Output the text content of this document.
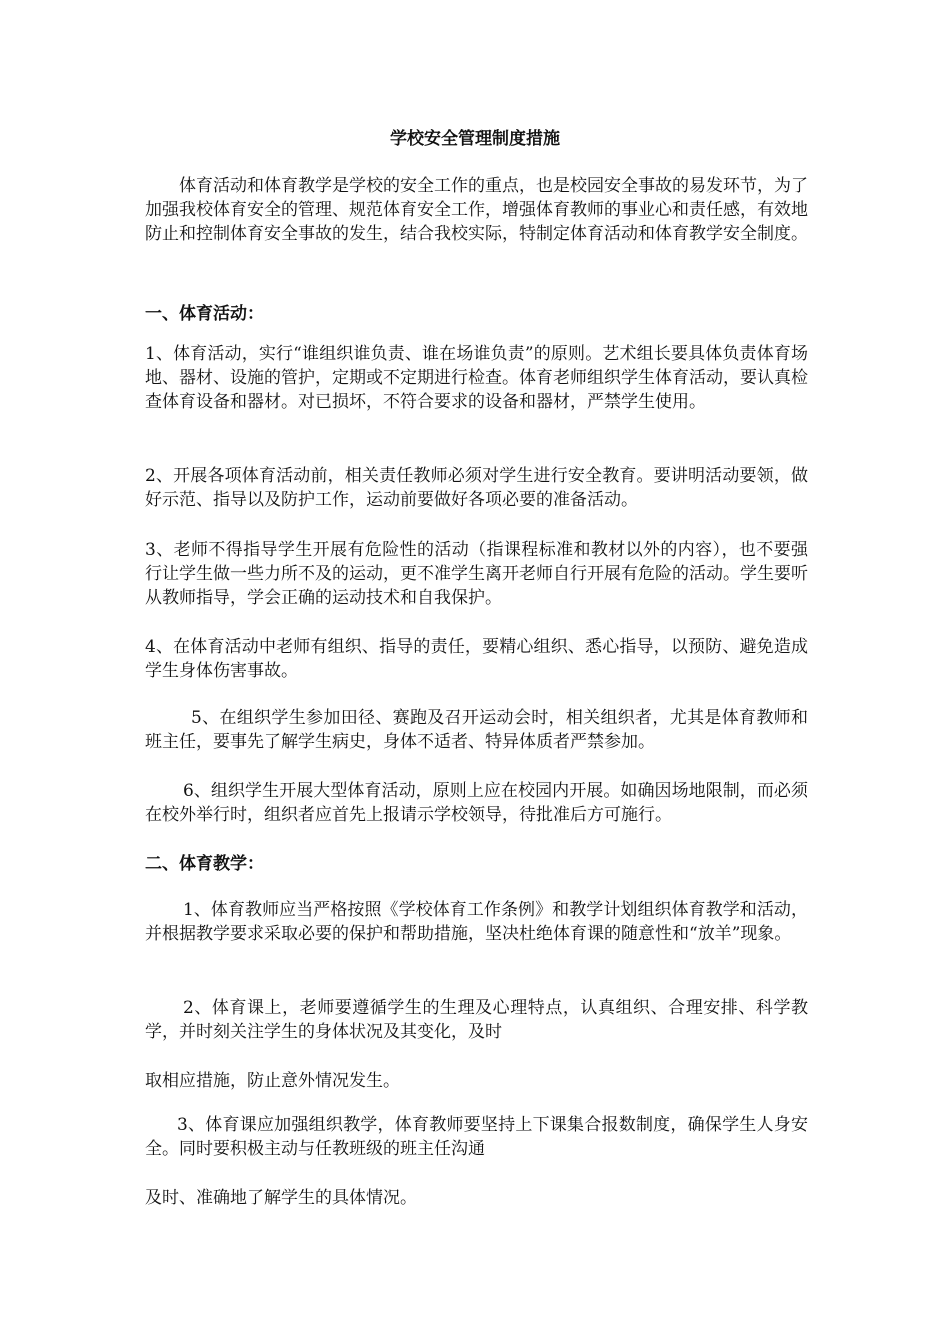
学校安全管理制度措施

体育活动和体育教学是学校的安全工作的重点，也是校园安全事故的易发环节，为了加强我校体育安全的管理、规范体育安全工作，增强体育教师的事业心和责任感，有效地防止和控制体育安全事故的发生，结合我校实际，特制定体育活动和体育教学安全制度。

一、体育活动：

1、体育活动，实行“谁组织谁负责、谁在场谁负责”的原则。艺术组长要具体负责体育场地、器材、设施的管护，定期或不定期进行检查。体育老师组织学生体育活动，要认真检查体育设备和器材。对已损坏，不符合要求的设备和器材，严禁学生使用。

2、开展各项体育活动前，相关责任教师必须对学生进行安全教育。要讲明活动要领，做好示范、指导以及防护工作，运动前要做好各项必要的准备活动。

3、老师不得指导学生开展有危险性的活动（指课程标准和教材以外的内容），也不要强行让学生做一些力所不及的运动，更不准学生离开老师自行开展有危险的活动。学生要听从教师指导，学会正确的运动技术和自我保护。

4、在体育活动中老师有组织、指导的责任，要精心组织、悉心指导，以预防、避免造成学生身体伤害事故。

5、在组织学生参加田径、赛跑及召开运动会时，相关组织者，尤其是体育教师和班主任，要事先了解学生病史，身体不适者、特异体质者严禁参加。

6、组织学生开展大型体育活动，原则上应在校园内开展。如确因场地限制，而必须在校外举行时，组织者应首先上报请示学校领导，待批准后方可施行。

二、体育教学：

1、体育教师应当严格按照《学校体育工作条例》和教学计划组织体育教学和活动，并根据教学要求采取必要的保护和帮助措施，坚决杜绝体育课的随意性和“放羊”现象。

2、体育课上，老师要遵循学生的生理及心理特点，认真组织、合理安排、科学教学，并时刻关注学生的身体状况及其变化，及时

取相应措施，防止意外情况发生。

3、体育课应加强组织教学，体育教师要坚持上下课集合报数制度，确保学生人身安全。同时要积极主动与任教班级的班主任沟通

及时、准确地了解学生的具体情况。
